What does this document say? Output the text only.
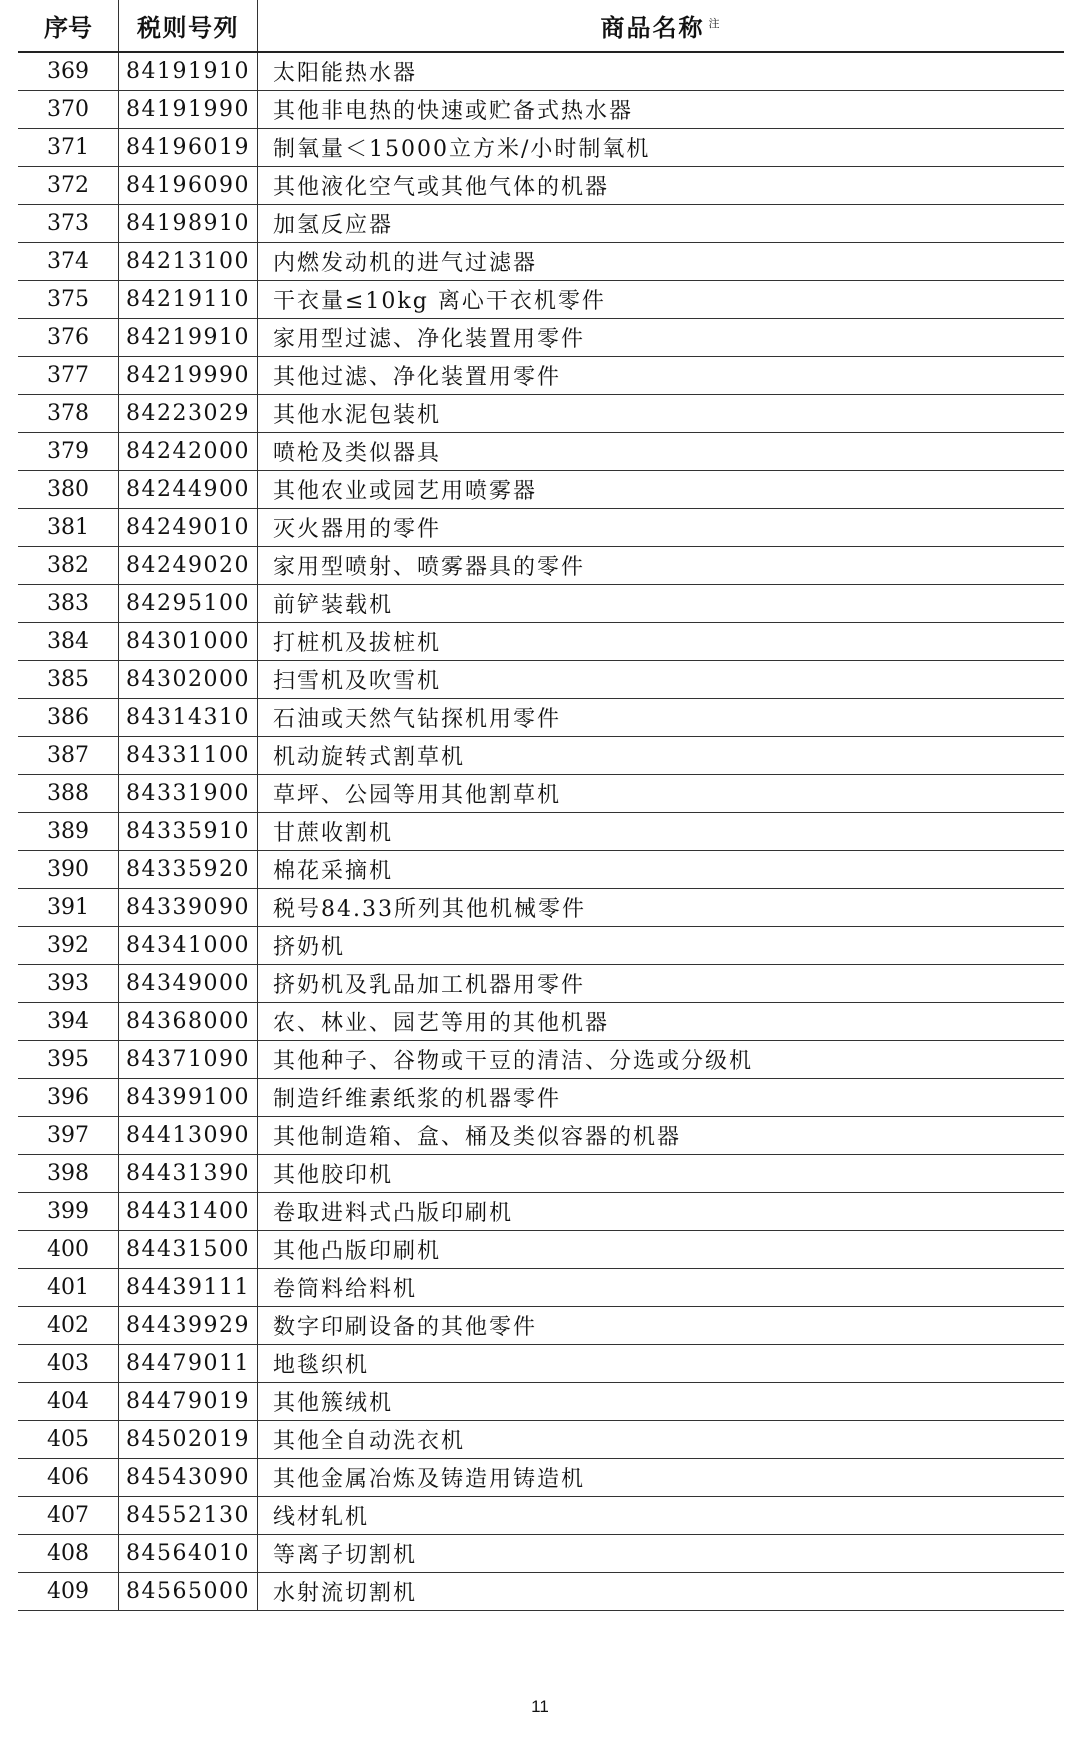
序号	税则号列	商品名称 $^注$
369	84191910	太阳能热水器
370	84191990	其他非电热的快速或贮备式热水器
371	84196019	制氧量＜15000立方米/小时制氧机
372	84196090	其他液化空气或其他气体的机器
373	84198910	加氢反应器
374	84213100	内燃发动机的进气过滤器
375	84219110	干衣量≤10kg 离心干衣机零件
376	84219910	家用型过滤、净化装置用零件
377	84219990	其他过滤、净化装置用零件
378	84223029	其他水泥包装机
379	84242000	喷枪及类似器具
380	84244900	其他农业或园艺用喷雾器
381	84249010	灭火器用的零件
382	84249020	家用型喷射、喷雾器具的零件
383	84295100	前铲装载机
384	84301000	打桩机及拔桩机
385	84302000	扫雪机及吹雪机
386	84314310	石油或天然气钻探机用零件
387	84331100	机动旋转式割草机
388	84331900	草坪、公园等用其他割草机
389	84335910	甘蔗收割机
390	84335920	棉花采摘机
391	84339090	税号84.33所列其他机械零件
392	84341000	挤奶机
393	84349000	挤奶机及乳品加工机器用零件
394	84368000	农、林业、园艺等用的其他机器
395	84371090	其他种子、谷物或干豆的清洁、分选或分级机
396	84399100	制造纤维素纸浆的机器零件
397	84413090	其他制造箱、盒、桶及类似容器的机器
398	84431390	其他胶印机
399	84431400	卷取进料式凸版印刷机
400	84431500	其他凸版印刷机
401	84439111	卷筒料给料机
402	84439929	数字印刷设备的其他零件
403	84479011	地毯织机
404	84479019	其他簇绒机
405	84502019	其他全自动洗衣机
406	84543090	其他金属冶炼及铸造用铸造机
407	84552130	线材轧机
408	84564010	等离子切割机
409	84565000	水射流切割机
11
